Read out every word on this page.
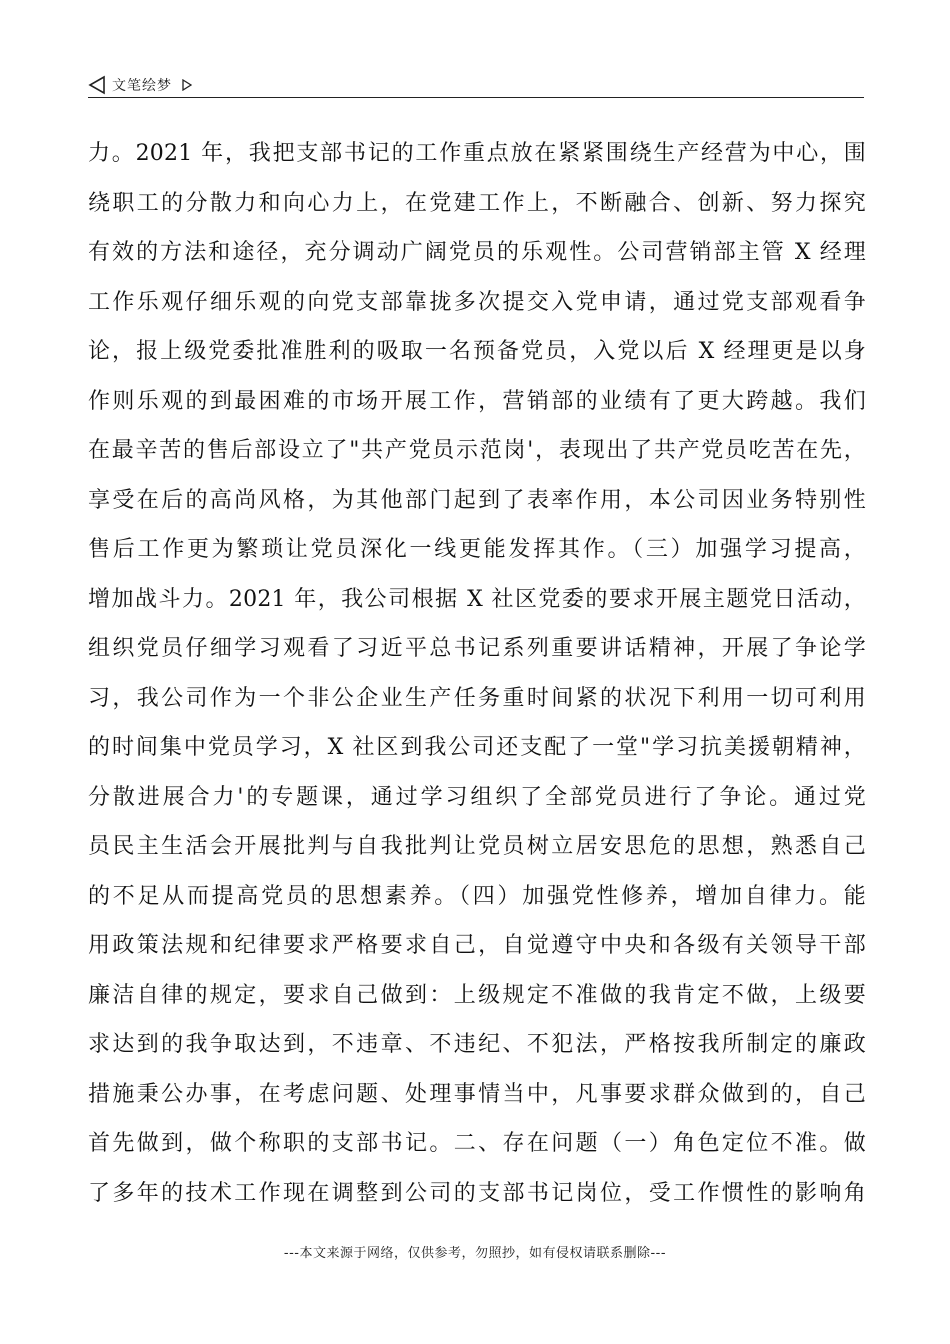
文笔绘梦
力。2021 年，我把支部书记的工作重点放在紧紧围绕生产经营为中心，围
绕职工的分散力和向心力上，在党建工作上，不断融合、创新、努力探究
有效的方法和途径，充分调动广阔党员的乐观性。公司营销部主管 X 经理
工作乐观仔细乐观的向党支部靠拢多次提交入党申请，通过党支部观看争
论，报上级党委批准胜利的吸取一名预备党员，入党以后 X 经理更是以身
作则乐观的到最困难的市场开展工作，营销部的业绩有了更大跨越。我们
在最辛苦的售后部设立了"共产党员示范岗'，表现出了共产党员吃苦在先，
享受在后的高尚风格，为其他部门起到了表率作用，本公司因业务特别性
售后工作更为繁琐让党员深化一线更能发挥其作。（三）加强学习提高，
增加战斗力。2021 年，我公司根据 X 社区党委的要求开展主题党日活动，
组织党员仔细学习观看了习近平总书记系列重要讲话精神，开展了争论学
习，我公司作为一个非公企业生产任务重时间紧的状况下利用一切可利用
的时间集中党员学习，X 社区到我公司还支配了一堂"学习抗美援朝精神，
分散进展合力'的专题课，通过学习组织了全部党员进行了争论。通过党
员民主生活会开展批判与自我批判让党员树立居安思危的思想，熟悉自己
的不足从而提高党员的思想素养。（四）加强党性修养，增加自律力。能
用政策法规和纪律要求严格要求自己，自觉遵守中央和各级有关领导干部
廉洁自律的规定，要求自己做到：上级规定不准做的我肯定不做，上级要
求达到的我争取达到，不违章、不违纪、不犯法，严格按我所制定的廉政
措施秉公办事，在考虑问题、处理事情当中，凡事要求群众做到的，自己
首先做到，做个称职的支部书记。二、存在问题（一）角色定位不准。做
了多年的技术工作现在调整到公司的支部书记岗位，受工作惯性的影响角
---本文来源于网络，仅供参考，勿照抄，如有侵权请联系删除---
